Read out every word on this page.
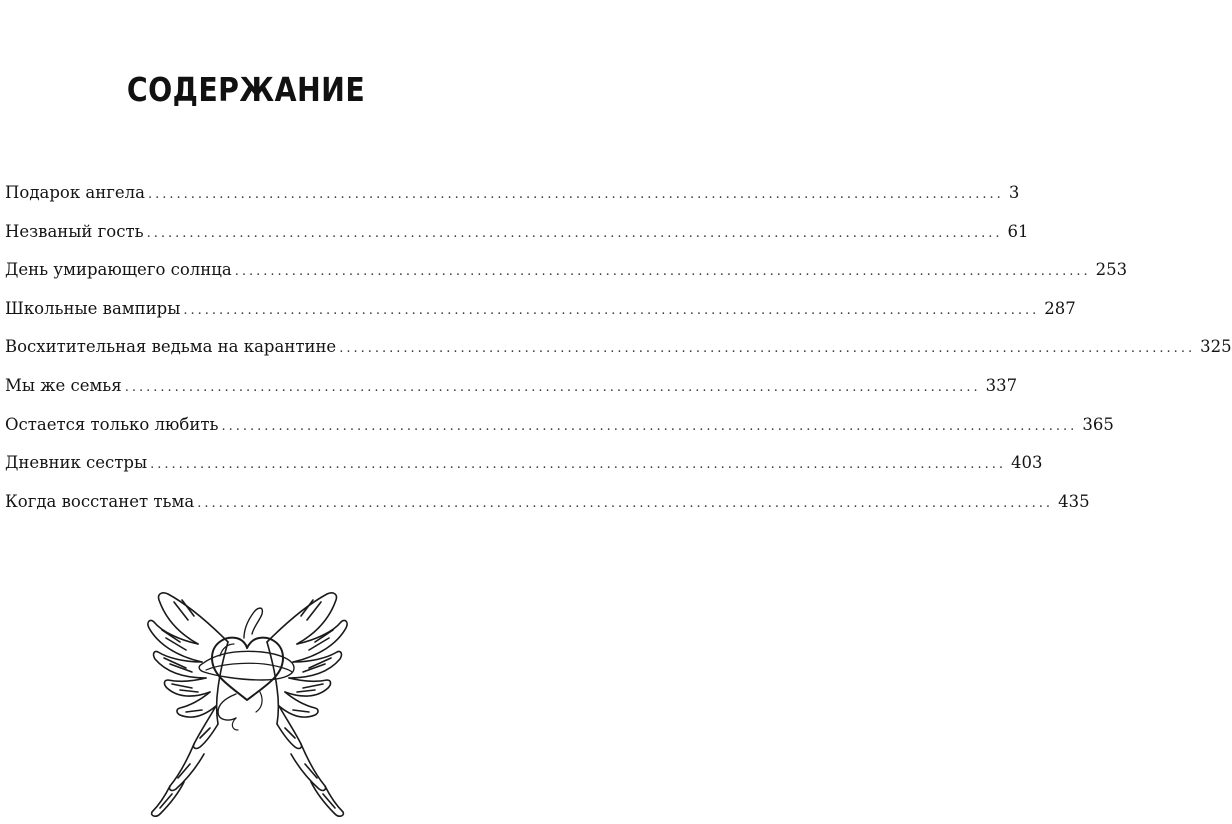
СОДЕРЖАНИЕ
Подарок ангела ........................................................................................................................ 3
Незваный гость ........................................................................................................................ 61
День умирающего солнца ........................................................................................................................ 253
Школьные вампиры ........................................................................................................................ 287
Восхитительная ведьма на карантине ........................................................................................................................ 325
Мы же семья ........................................................................................................................ 337
Остается только любить ........................................................................................................................ 365
Дневник сестры ........................................................................................................................ 403
Когда восстанет тьма ........................................................................................................................ 435
